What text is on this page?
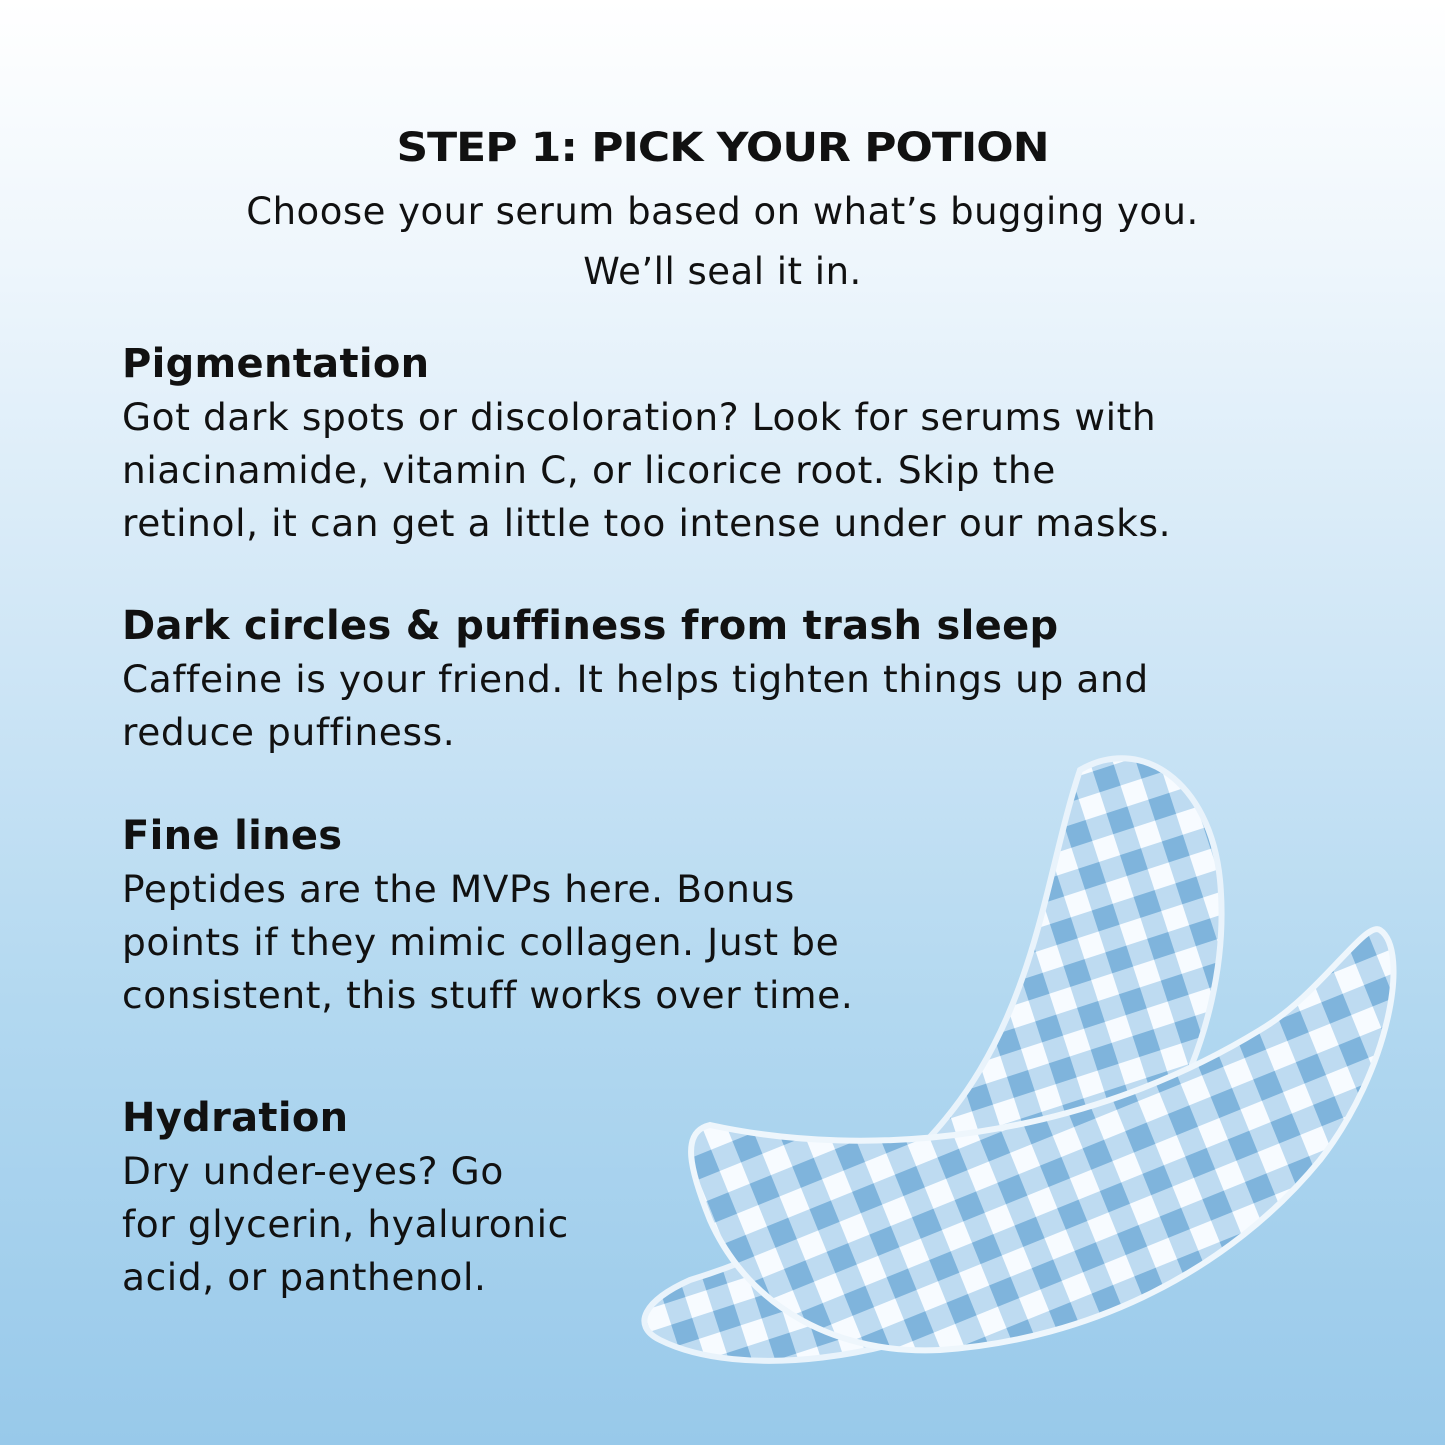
STEP 1: PICK YOUR POTION
Choose your serum based on what’s bugging you.
We’ll seal it in.
Pigmentation

Got dark spots or discoloration? Look for serums with

niacinamide, vitamin C, or licorice root. Skip the

retinol, it can get a little too intense under our masks.

Dark circles & puffiness from trash sleep

Caffeine is your friend. It helps tighten things up and

reduce puffiness.

Fine lines

Peptides are the MVPs here. Bonus

points if they mimic collagen. Just be

consistent, this stuff works over time.

Hydration

Dry under-eyes? Go

for glycerin, hyaluronic

acid, or panthenol.
